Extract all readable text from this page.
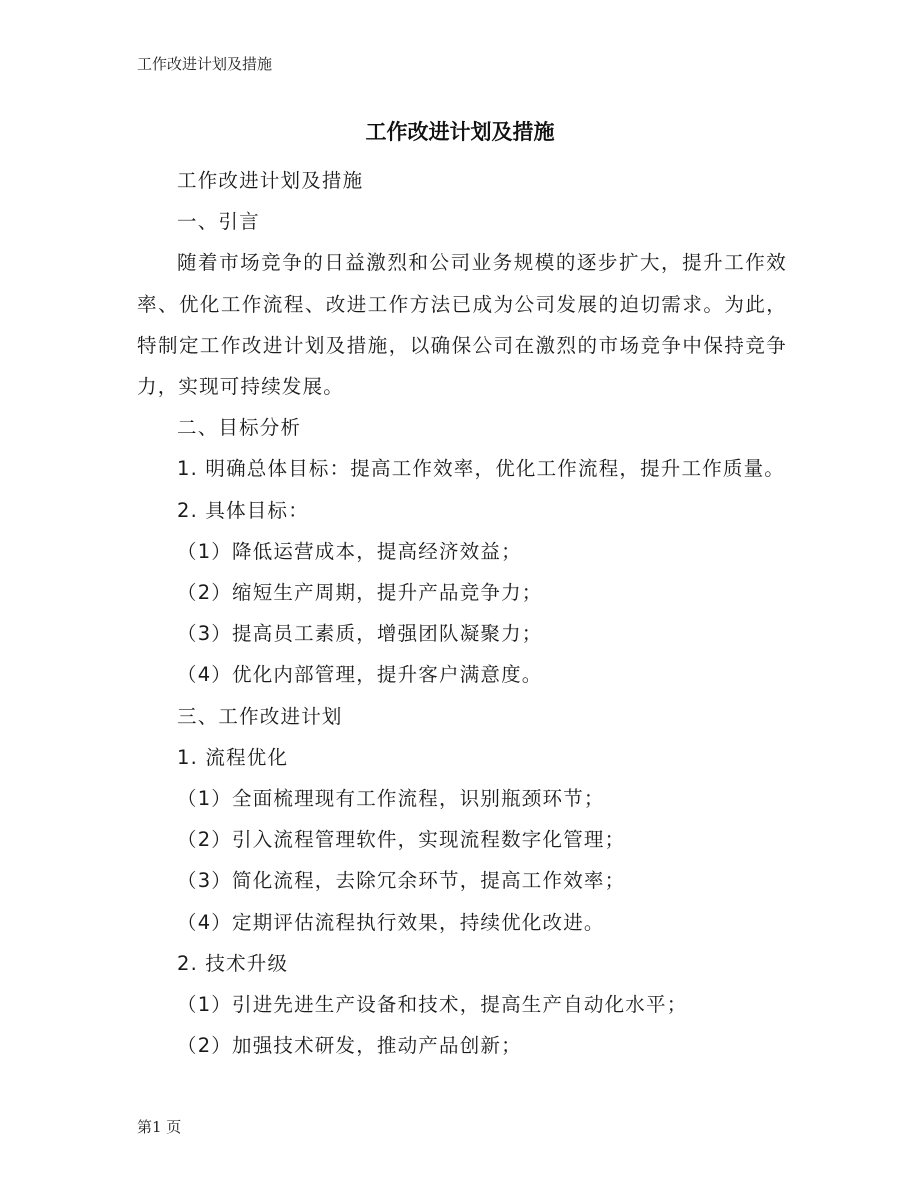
工作改进计划及措施
工作改进计划及措施

工作改进计划及措施

一、引言

随着市场竞争的日益激烈和公司业务规模的逐步扩大，提升工作效率、优化工作流程、改进工作方法已成为公司发展的迫切需求。为此，特制定工作改进计划及措施，以确保公司在激烈的市场竞争中保持竞争力，实现可持续发展。

二、目标分析

1. 明确总体目标：提高工作效率，优化工作流程，提升工作质量。

2. 具体目标：

（1）降低运营成本，提高经济效益；

（2）缩短生产周期，提升产品竞争力；

（3）提高员工素质，增强团队凝聚力；

（4）优化内部管理，提升客户满意度。

三、工作改进计划

1. 流程优化

（1）全面梳理现有工作流程，识别瓶颈环节；

（2）引入流程管理软件，实现流程数字化管理；

（3）简化流程，去除冗余环节，提高工作效率；

（4）定期评估流程执行效果，持续优化改进。

2. 技术升级

（1）引进先进生产设备和技术，提高生产自动化水平；

（2）加强技术研发，推动产品创新；

第1 页
